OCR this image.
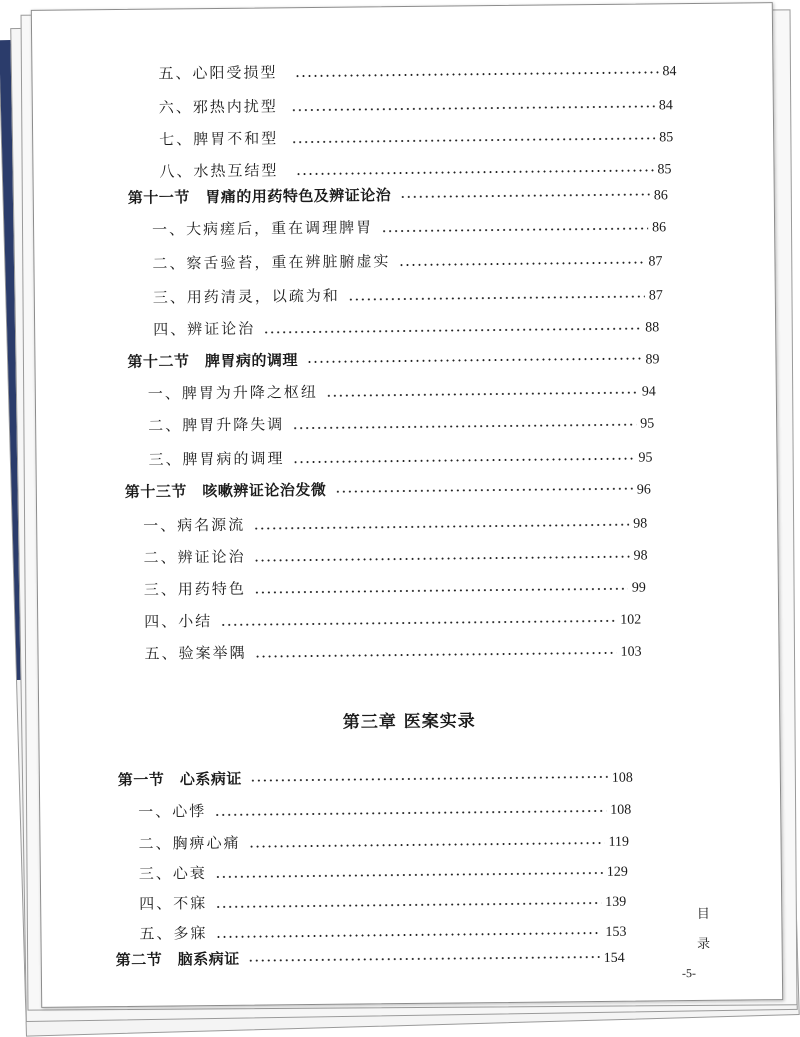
五、心阳受损型	84
六、邪热内扰型	84
七、脾胃不和型	85
八、水热互结型	85
第十一节　胃痛的用药特色及辨证论治	86
一、大病瘥后，重在调理脾胃	86
二、察舌验苔，重在辨脏腑虚实	87
三、用药清灵，以疏为和	87
四、辨证论治	88
第十二节　脾胃病的调理	89
一、脾胃为升降之枢纽	94
二、脾胃升降失调	95
三、脾胃病的调理	95
第十三节　咳嗽辨证论治发微	96
一、病名源流	98
二、辨证论治	98
三、用药特色	99
四、小结	102
五、验案举隅	103
第一节　心系病证	108
一、心悸	108
二、胸痹心痛	119
三、心衰	129
四、不寐	139
五、多寐	153
第二节　脑系病证	154
第三章 医案实录
目
录
-5-
